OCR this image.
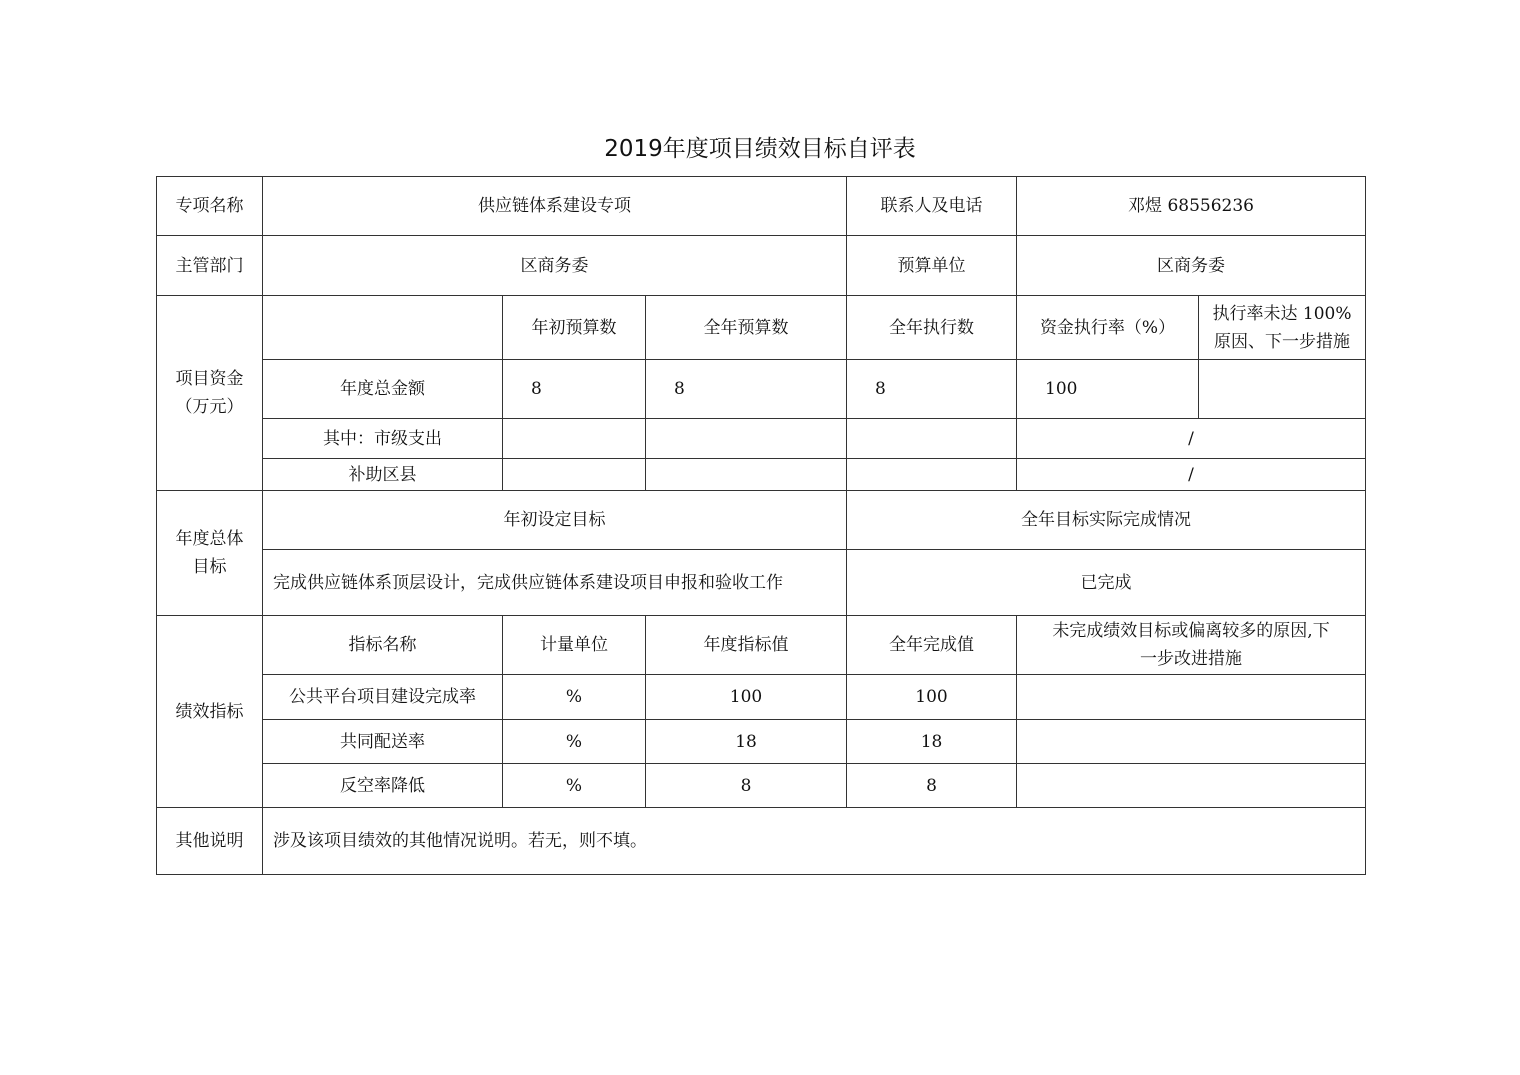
2019年度项目绩效目标自评表
专项名称	供应链体系建设专项			联系人及电话	邓煜 68556236	
主管部门	区商务委			预算单位	区商务委	

项目资金
（万元）		年初预算数	全年预算数	全年执行数	资金执行率（%）	执行率未达 100%
原因、下一步措施

	年度总金额	8	8	8	100	
	其中：市级支出				/	
	补助区县				/	

年度总体
目标	年初设定目标			全年目标实际完成情况		
	完成供应链体系顶层设计，完成供应链体系建设项目申报和验收工作			已完成		
绩效指标	指标名称	计量单位	年度指标值	全年完成值	未完成绩效目标或偏离较多的原因,下
一步改进措施	

	公共平台项目建设完成率	%	100	100		
	共同配送率	%	18	18		
	反空率降低	%	8	8		
其他说明	涉及该项目绩效的其他情况说明。若无，则不填。					
